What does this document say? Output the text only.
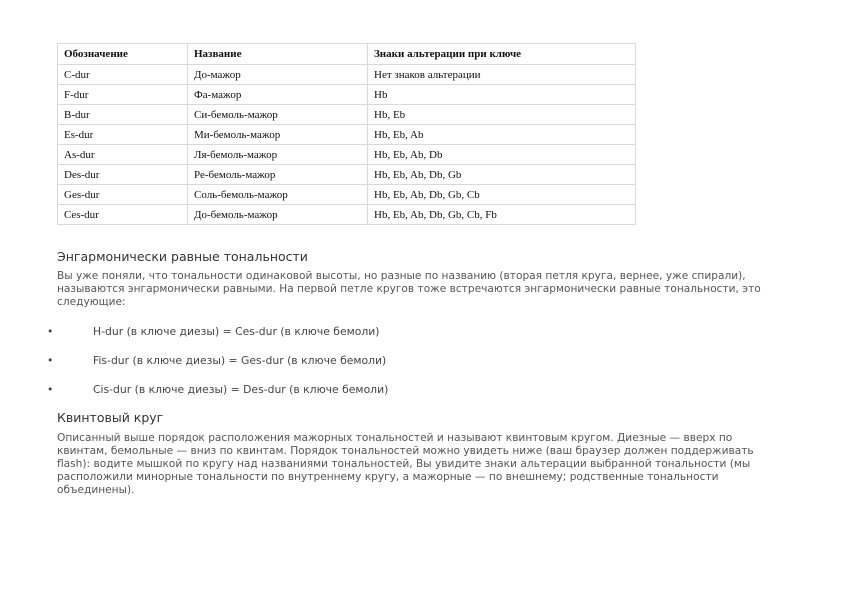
Обозначение	Название	Знаки альтерации при ключе
C-dur	До-мажор	Нет знаков альтерации
F-dur	Фа-мажор	Hb
B-dur	Си-бемоль-мажор	Hb, Eb
Es-dur	Ми-бемоль-мажор	Hb, Eb, Ab
As-dur	Ля-бемоль-мажор	Hb, Eb, Ab, Db
Des-dur	Ре-бемоль-мажор	Hb, Eb, Ab, Db, Gb
Ges-dur	Соль-бемоль-мажор	Hb, Eb, Ab, Db, Gb, Cb
Ces-dur	До-бемоль-мажор	Hb, Eb, Ab, Db, Gb, Cb, Fb
Энгармонически равные тональности

Вы уже поняли, что тональности одинаковой высоты, но разные по названию (вторая петля круга, вернее, уже спирали), называются энгармонически равными. На первой петле кругов тоже встречаются энгармонически равные тональности, это следующие:

•	H-dur (в ключе диезы) = Ces-dur (в ключе бемоли)
•	Fis-dur (в ключе диезы) = Ges-dur (в ключе бемоли)
•	Cis-dur (в ключе диезы) = Des-dur (в ключе бемоли)
Квинтовый круг

Описанный выше порядок расположения мажорных тональностей и называют квинтовым кругом. Диезные — вверх по квинтам, бемольные — вниз по квинтам. Порядок тональностей можно увидеть ниже (ваш браузер должен поддерживать flash): водите мышкой по кругу над названиями тональностей, Вы увидите знаки альтерации выбранной тональности (мы расположили минорные тональности по внутреннему кругу, а мажорные — по внешнему; родственные тональности объединены).
